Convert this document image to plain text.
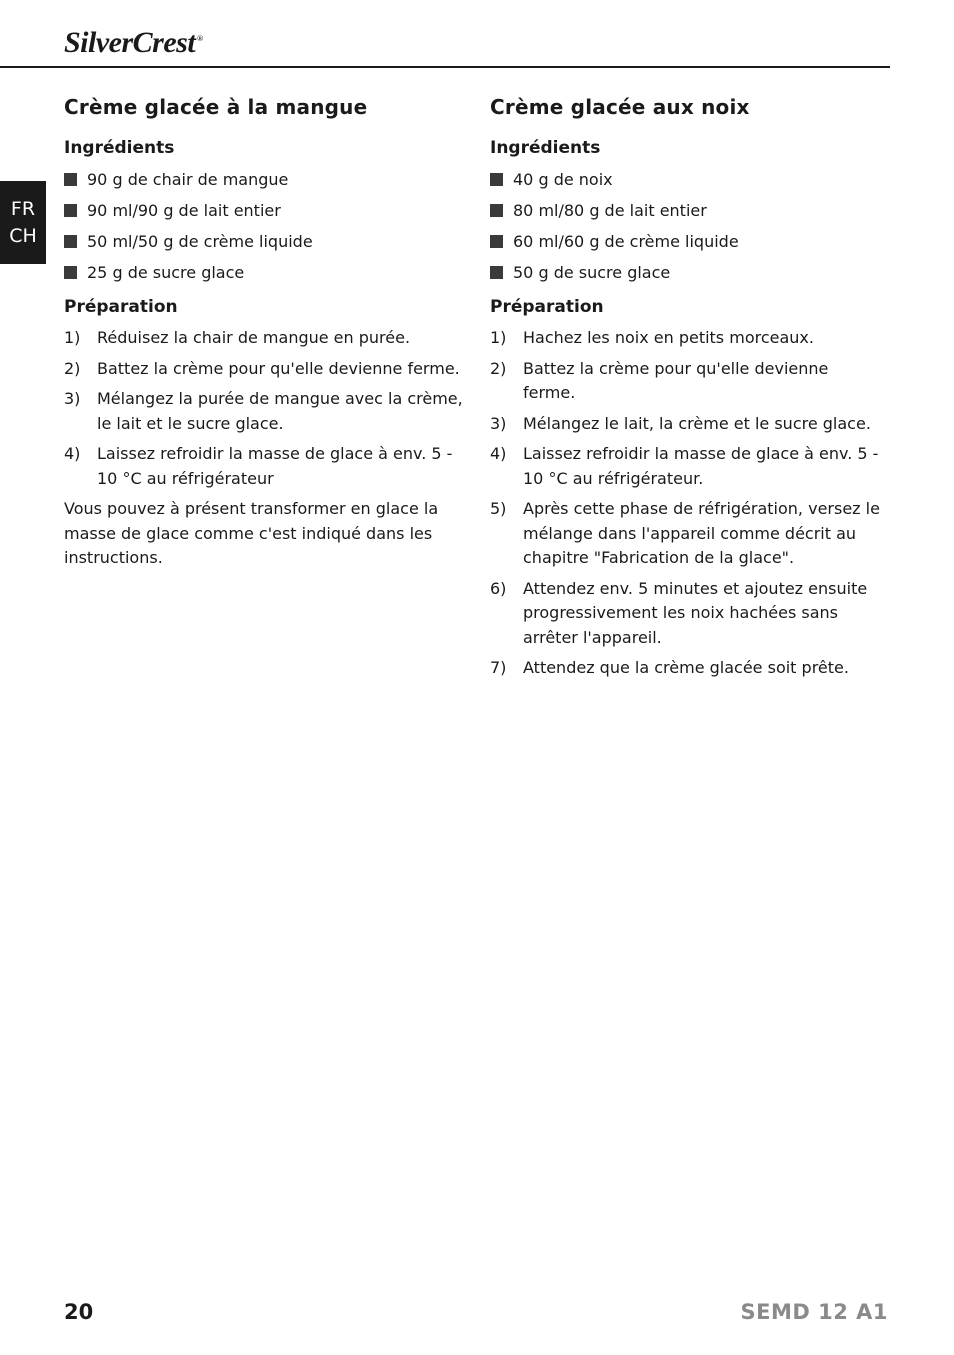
SilverCrest ®
FR
CH
Crème glacée à la mangue
Ingrédients
90 g de chair de mangue
90 ml/90 g de lait entier
50 ml/50 g de crème liquide
25 g de sucre glace
Préparation
1) Réduisez la chair de mangue en purée.
2) Battez la crème pour qu'elle devienne ferme.
3) Mélangez la purée de mangue avec la crème, le lait et le sucre glace.
4) Laissez refroidir la masse de glace à env. 5 - 10 °C au réfrigérateur

Vous pouvez à présent transformer en glace la masse de glace comme c'est indiqué dans les instructions.

Crème glacée aux noix
Ingrédients
40 g de noix
80 ml/80 g de lait entier
60 ml/60 g de crème liquide
50 g de sucre glace
Préparation
1) Hachez les noix en petits morceaux.
2) Battez la crème pour qu'elle devienne ferme.
3) Mélangez le lait, la crème et le sucre glace.
4) Laissez refroidir la masse de glace à env. 5 - 10 °C au réfrigérateur.
5) Après cette phase de réfrigération, versez le mélange dans l'appareil comme décrit au chapitre "Fabrication de la glace".
6) Attendez env. 5 minutes et ajoutez ensuite progressivement les noix hachées sans arrêter l'appareil.
7) Attendez que la crème glacée soit prête.
20	SEMD 12 A1
